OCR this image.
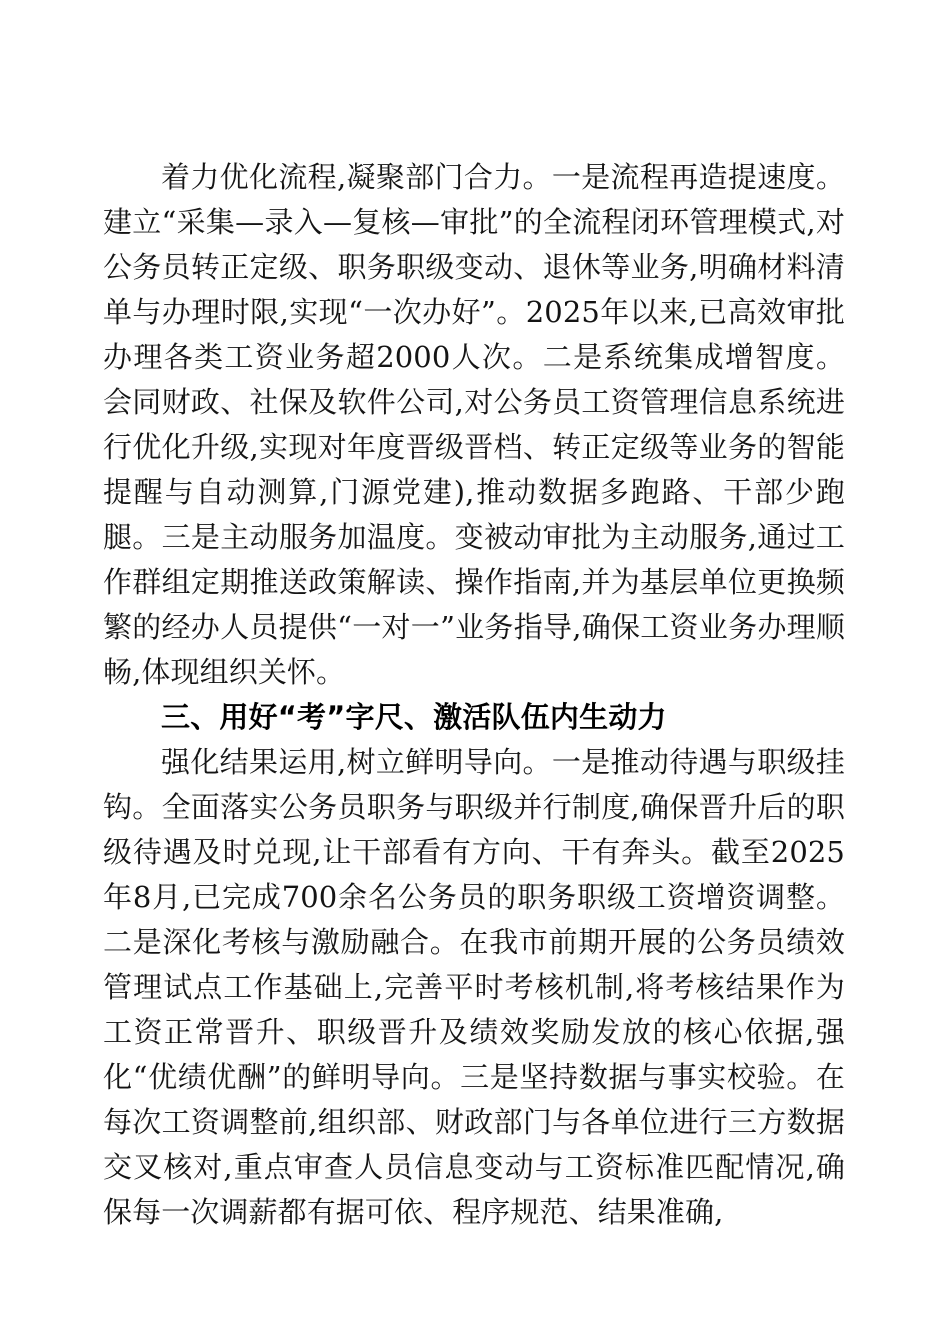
着力优化流程,凝聚部门合力。一是流程再造提速度。建立“采集—录入—复核—审批”的全流程闭环管理模式,对公务员转正定级、职务职级变动、退休等业务,明确材料清单与办理时限,实现“一次办好”。2025年以来,已高效审批办理各类工资业务超2000人次。二是系统集成增智度。会同财政、社保及软件公司,对公务员工资管理信息系统进行优化升级,实现对年度晋级晋档、转正定级等业务的智能提醒与自动测算,门源党建),推动数据多跑路、干部少跑腿。三是主动服务加温度。变被动审批为主动服务,通过工作群组定期推送政策解读、操作指南,并为基层单位更换频繁的经办人员提供“一对一”业务指导,确保工资业务办理顺畅,体现组织关怀。

三、用好“考”字尺、激活队伍内生动力

强化结果运用,树立鲜明导向。一是推动待遇与职级挂钩。全面落实公务员职务与职级并行制度,确保晋升后的职级待遇及时兑现,让干部看有方向、干有奔头。截至2025年8月,已完成700余名公务员的职务职级工资增资调整。二是深化考核与激励融合。在我市前期开展的公务员绩效管理试点工作基础上,完善平时考核机制,将考核结果作为工资正常晋升、职级晋升及绩效奖励发放的核心依据,强化“优绩优酬”的鲜明导向。三是坚持数据与事实校验。在每次工资调整前,组织部、财政部门与各单位进行三方数据交叉核对,重点审查人员信息变动与工资标准匹配情况,确保每一次调薪都有据可依、程序规范、结果准确,
